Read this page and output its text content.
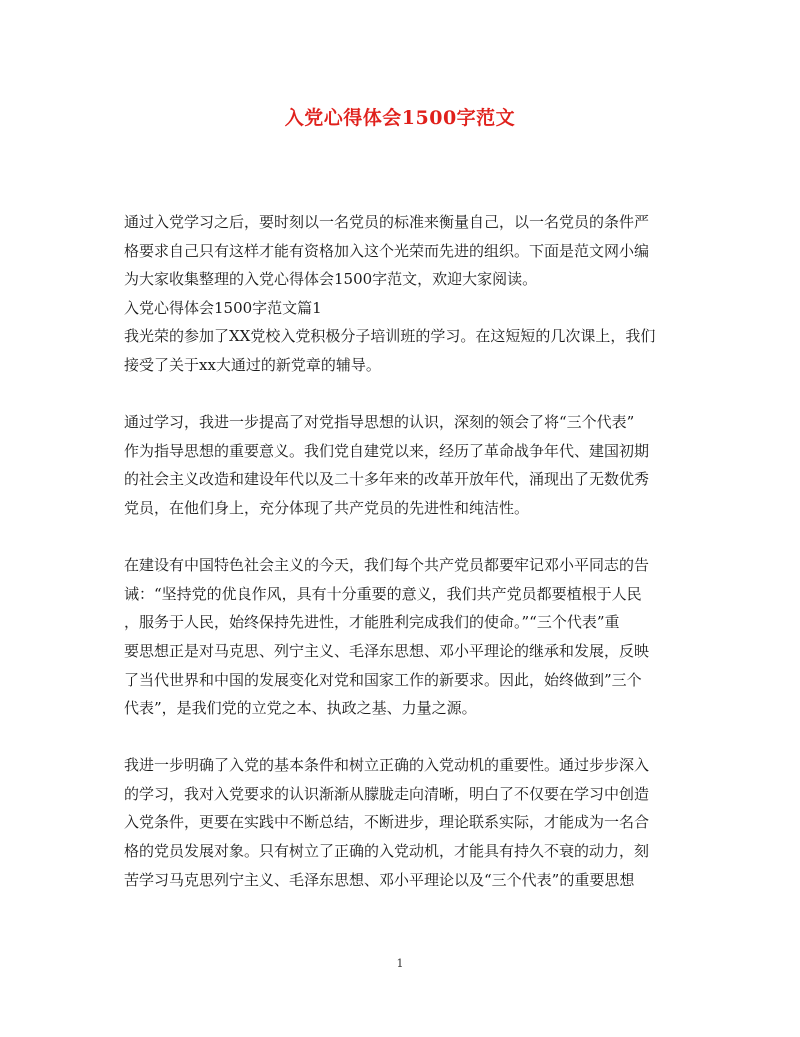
入党心得体会1500字范文
通过入党学习之后，要时刻以一名党员的标准来衡量自己，以一名党员的条件严
格要求自己只有这样才能有资格加入这个光荣而先进的组织。下面是范文网小编
为大家收集整理的入党心得体会1500字范文，欢迎大家阅读。
入党心得体会1500字范文篇1
我光荣的参加了XX党校入党积极分子培训班的学习。在这短短的几次课上，我们
接受了关于xx大通过的新党章的辅导。
通过学习，我进一步提高了对党指导思想的认识，深刻的领会了将“三个代表”
作为指导思想的重要意义。我们党自建党以来，经历了革命战争年代、建国初期
的社会主义改造和建设年代以及二十多年来的改革开放年代，涌现出了无数优秀
党员，在他们身上，充分体现了共产党员的先进性和纯洁性。
在建设有中国特色社会主义的今天，我们每个共产党员都要牢记邓小平同志的告
诫：“坚持党的优良作风，具有十分重要的意义，我们共产党员都要植根于人民
，服务于人民，始终保持先进性，才能胜利完成我们的使命。”“三个代表”重
要思想正是对马克思、列宁主义、毛泽东思想、邓小平理论的继承和发展，反映
了当代世界和中国的发展变化对党和国家工作的新要求。因此，始终做到”三个
代表”，是我们党的立党之本、执政之基、力量之源。
我进一步明确了入党的基本条件和树立正确的入党动机的重要性。通过步步深入
的学习，我对入党要求的认识渐渐从朦胧走向清晰，明白了不仅要在学习中创造
入党条件，更要在实践中不断总结，不断进步，理论联系实际，才能成为一名合
格的党员发展对象。只有树立了正确的入党动机，才能具有持久不衰的动力，刻
苦学习马克思列宁主义、毛泽东思想、邓小平理论以及“三个代表”的重要思想
1
